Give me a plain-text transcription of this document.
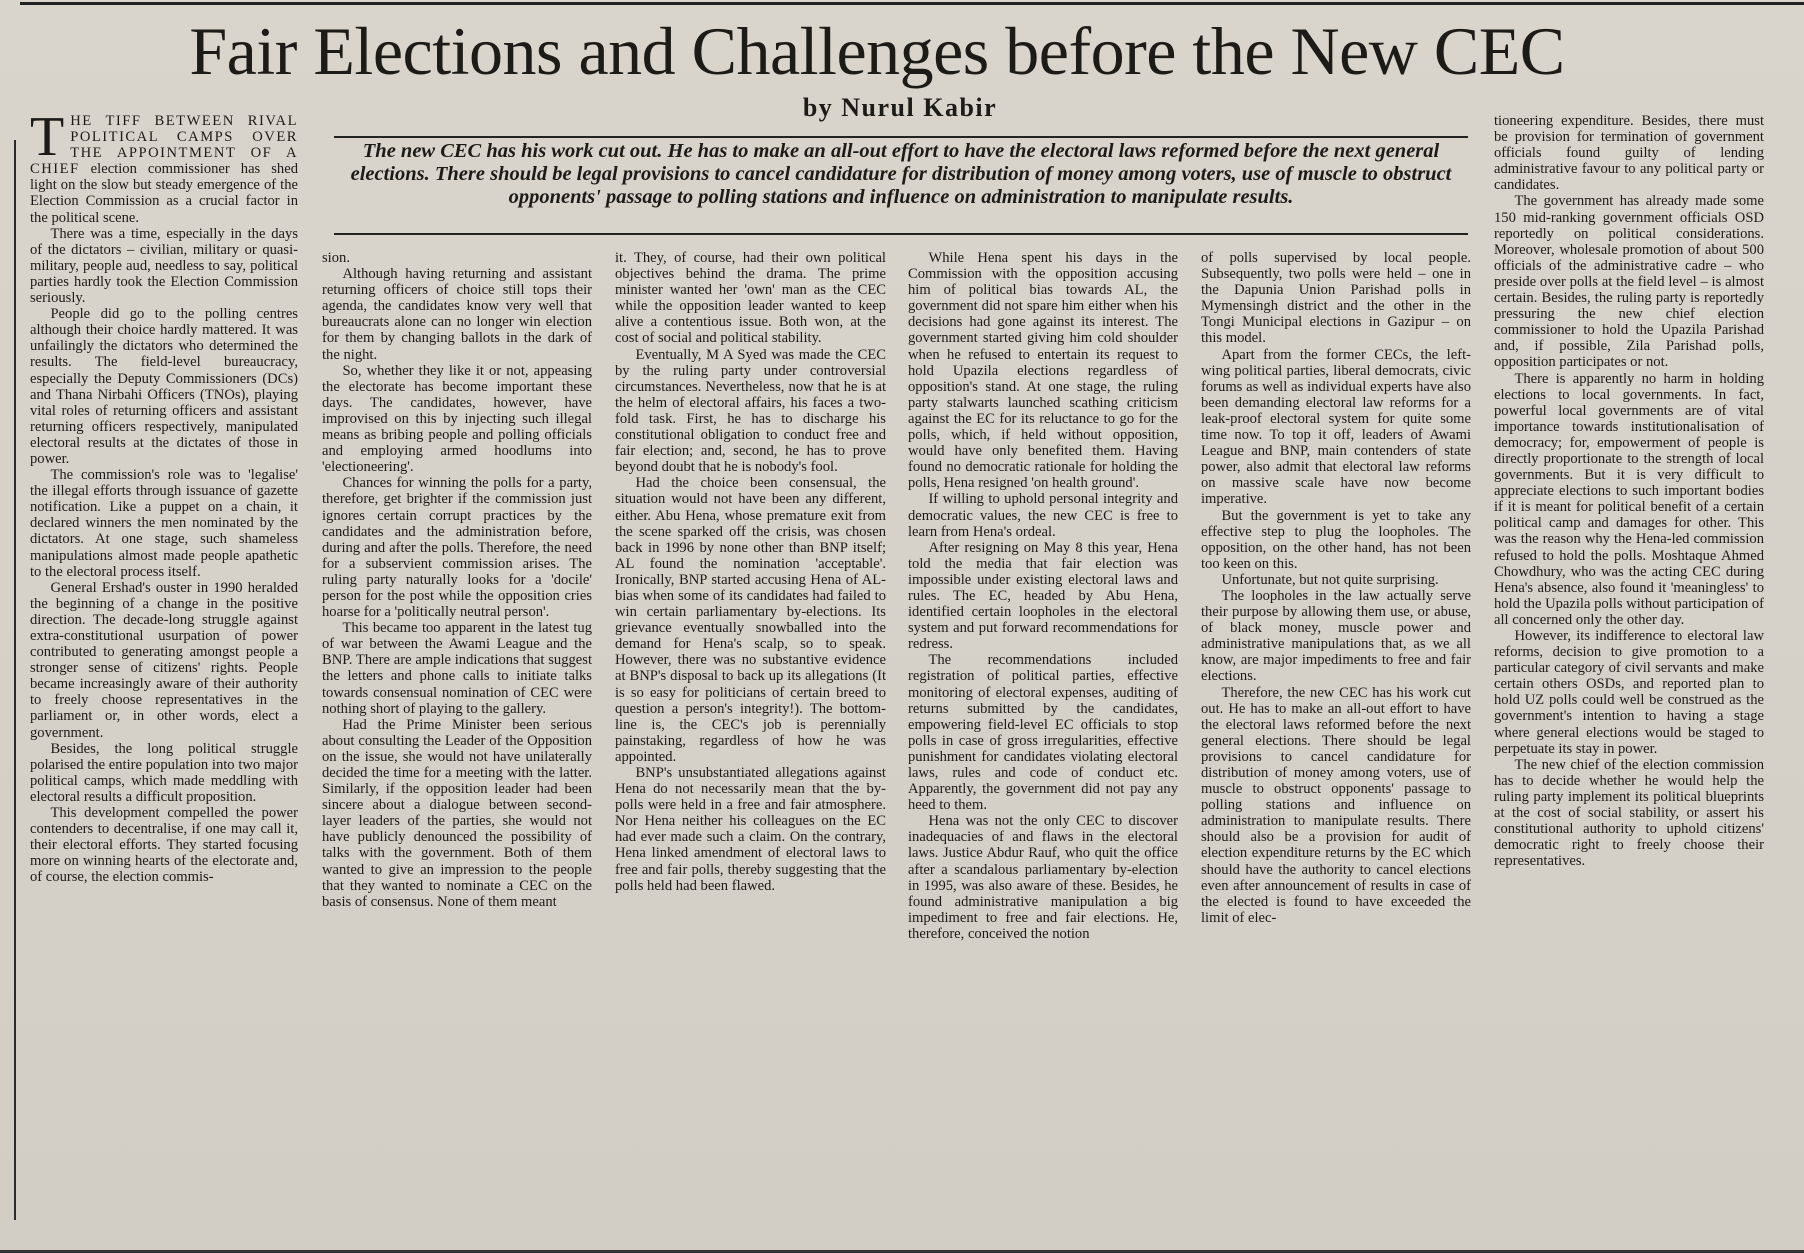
Fair Elections and Challenges before the New CEC
by Nurul Kabir
The new CEC has his work cut out. He has to make an all-out effort to have the electoral laws reformed before the next general elections. There should be legal provisions to cancel candidature for distribution of money among voters, use of muscle to obstruct opponents' passage to polling stations and influence on administration to manipulate results.

THE TIFF BETWEEN RIVAL POLITICAL CAMPS OVER THE APPOINTMENT OF A CHIEF election commissioner has shed light on the slow but steady emergence of the Election Commission as a crucial factor in the political scene.

There was a time, especially in the days of the dictators – civilian, military or quasi-military, people aud, needless to say, political parties hardly took the Election Commission seriously.

People did go to the polling centres although their choice hardly mattered. It was unfailingly the dictators who determined the results. The field-level bureaucracy, especially the Deputy Commissioners (DCs) and Thana Nirbahi Officers (TNOs), playing vital roles of returning officers and assistant returning officers respectively, manipulated electoral results at the dictates of those in power.

The commission's role was to 'legalise' the illegal efforts through issuance of gazette notification. Like a puppet on a chain, it declared winners the men nominated by the dictators. At one stage, such shameless manipulations almost made people apathetic to the electoral process itself.

General Ershad's ouster in 1990 heralded the beginning of a change in the positive direction. The decade-long struggle against extra-constitutional usurpation of power contributed to generating amongst people a stronger sense of citizens' rights. People became increasingly aware of their authority to freely choose representatives in the parliament or, in other words, elect a government.

Besides, the long political struggle polarised the entire population into two major political camps, which made meddling with electoral results a difficult proposition.

This development compelled the power contenders to decentralise, if one may call it, their electoral efforts. They started focusing more on winning hearts of the electorate and, of course, the election commis-

sion.

Although having returning and assistant returning officers of choice still tops their agenda, the candidates know very well that bureaucrats alone can no longer win election for them by changing ballots in the dark of the night.

So, whether they like it or not, appeasing the electorate has become important these days. The candidates, however, have improvised on this by injecting such illegal means as bribing people and polling officials and employing armed hoodlums into 'electioneering'.

Chances for winning the polls for a party, therefore, get brighter if the commission just ignores certain corrupt practices by the candidates and the administration before, during and after the polls. Therefore, the need for a subservient commission arises. The ruling party naturally looks for a 'docile' person for the post while the opposition cries hoarse for a 'politically neutral person'.

This became too apparent in the latest tug of war between the Awami League and the BNP. There are ample indications that suggest the letters and phone calls to initiate talks towards consensual nomination of CEC were nothing short of playing to the gallery.

Had the Prime Minister been serious about consulting the Leader of the Opposition on the issue, she would not have unilaterally decided the time for a meeting with the latter. Similarly, if the opposition leader had been sincere about a dialogue between second-layer leaders of the parties, she would not have publicly denounced the possibility of talks with the government. Both of them wanted to give an impression to the people that they wanted to nominate a CEC on the basis of consensus. None of them meant

it. They, of course, had their own political objectives behind the drama. The prime minister wanted her 'own' man as the CEC while the opposition leader wanted to keep alive a contentious issue. Both won, at the cost of social and political stability.

Eventually, M A Syed was made the CEC by the ruling party under controversial circumstances. Nevertheless, now that he is at the helm of electoral affairs, his faces a two-fold task. First, he has to discharge his constitutional obligation to conduct free and fair election; and, second, he has to prove beyond doubt that he is nobody's fool.

Had the choice been consensual, the situation would not have been any different, either. Abu Hena, whose premature exit from the scene sparked off the crisis, was chosen back in 1996 by none other than BNP itself; AL found the nomination 'acceptable'. Ironically, BNP started accusing Hena of AL-bias when some of its candidates had failed to win certain parliamentary by-elections. Its grievance eventually snowballed into the demand for Hena's scalp, so to speak. However, there was no substantive evidence at BNP's disposal to back up its allegations (It is so easy for politicians of certain breed to question a person's integrity!). The bottom-line is, the CEC's job is perennially painstaking, regardless of how he was appointed.

BNP's unsubstantiated allegations against Hena do not necessarily mean that the by-polls were held in a free and fair atmosphere. Nor Hena neither his colleagues on the EC had ever made such a claim. On the contrary, Hena linked amendment of electoral laws to free and fair polls, thereby suggesting that the polls held had been flawed.

While Hena spent his days in the Commission with the opposition accusing him of political bias towards AL, the government did not spare him either when his decisions had gone against its interest. The government started giving him cold shoulder when he refused to entertain its request to hold Upazila elections regardless of opposition's stand. At one stage, the ruling party stalwarts launched scathing criticism against the EC for its reluctance to go for the polls, which, if held without opposition, would have only benefited them. Having found no democratic rationale for holding the polls, Hena resigned 'on health ground'.

If willing to uphold personal integrity and democratic values, the new CEC is free to learn from Hena's ordeal.

After resigning on May 8 this year, Hena told the media that fair election was impossible under existing electoral laws and rules. The EC, headed by Abu Hena, identified certain loopholes in the electoral system and put forward recommendations for redress.

The recommendations included registration of political parties, effective monitoring of electoral expenses, auditing of returns submitted by the candidates, empowering field-level EC officials to stop polls in case of gross irregularities, effective punishment for candidates violating electoral laws, rules and code of conduct etc. Apparently, the government did not pay any heed to them.

Hena was not the only CEC to discover inadequacies of and flaws in the electoral laws. Justice Abdur Rauf, who quit the office after a scandalous parliamentary by-election in 1995, was also aware of these. Besides, he found administrative manipulation a big impediment to free and fair elections. He, therefore, conceived the notion

of polls supervised by local people. Subsequently, two polls were held – one in the Dapunia Union Parishad polls in Mymensingh district and the other in the Tongi Municipal elections in Gazipur – on this model.

Apart from the former CECs, the left-wing political parties, liberal democrats, civic forums as well as individual experts have also been demanding electoral law reforms for a leak-proof electoral system for quite some time now. To top it off, leaders of Awami League and BNP, main contenders of state power, also admit that electoral law reforms on massive scale have now become imperative.

But the government is yet to take any effective step to plug the loopholes. The opposition, on the other hand, has not been too keen on this.

Unfortunate, but not quite surprising.

The loopholes in the law actually serve their purpose by allowing them use, or abuse, of black money, muscle power and administrative manipulations that, as we all know, are major impediments to free and fair elections.

Therefore, the new CEC has his work cut out. He has to make an all-out effort to have the electoral laws reformed before the next general elections. There should be legal provisions to cancel candidature for distribution of money among voters, use of muscle to obstruct opponents' passage to polling stations and influence on administration to manipulate results. There should also be a provision for audit of election expenditure returns by the EC which should have the authority to cancel elections even after announcement of results in case of the elected is found to have exceeded the limit of elec-

tioneering expenditure. Besides, there must be provision for termination of government officials found guilty of lending administrative favour to any political party or candidates.

The government has already made some 150 mid-ranking government officials OSD reportedly on political considerations. Moreover, wholesale promotion of about 500 officials of the administrative cadre – who preside over polls at the field level – is almost certain. Besides, the ruling party is reportedly pressuring the new chief election commissioner to hold the Upazila Parishad and, if possible, Zila Parishad polls, opposition participates or not.

There is apparently no harm in holding elections to local governments. In fact, powerful local governments are of vital importance towards institutionalisation of democracy; for, empowerment of people is directly proportionate to the strength of local governments. But it is very difficult to appreciate elections to such important bodies if it is meant for political benefit of a certain political camp and damages for other. This was the reason why the Hena-led commission refused to hold the polls. Moshtaque Ahmed Chowdhury, who was the acting CEC during Hena's absence, also found it 'meaningless' to hold the Upazila polls without participation of all concerned only the other day.

However, its indifference to electoral law reforms, decision to give promotion to a particular category of civil servants and make certain others OSDs, and reported plan to hold UZ polls could well be construed as the government's intention to having a stage where general elections would be staged to perpetuate its stay in power.

The new chief of the election commission has to decide whether he would help the ruling party implement its political blueprints at the cost of social stability, or assert his constitutional authority to uphold citizens' democratic right to freely choose their representatives.
